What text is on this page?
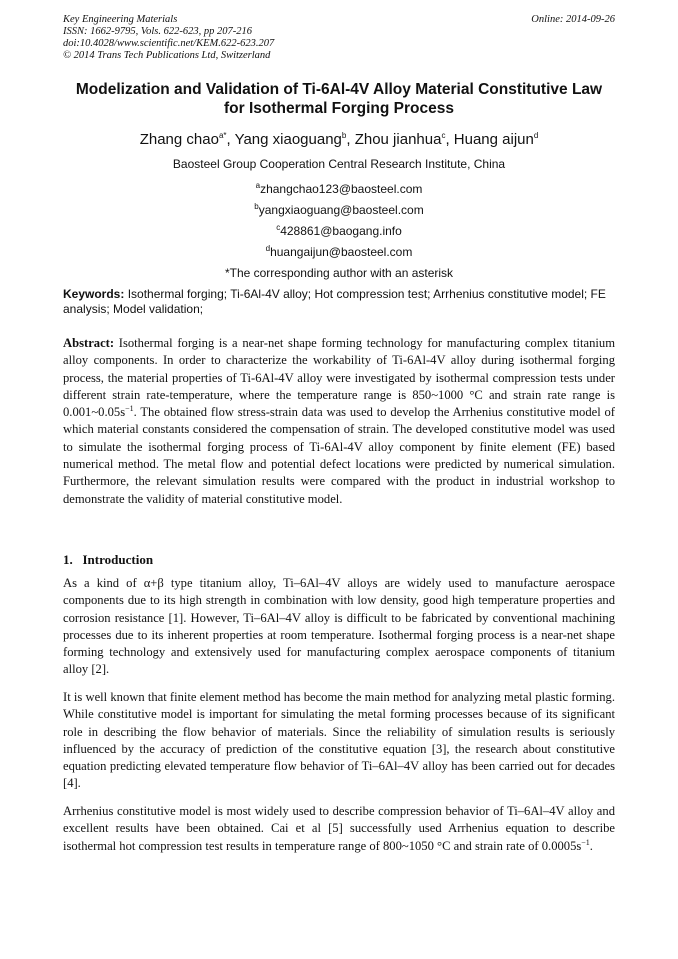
Key Engineering Materials
ISSN: 1662-9795, Vols. 622-623, pp 207-216
doi:10.4028/www.scientific.net/KEM.622-623.207
© 2014 Trans Tech Publications Ltd, Switzerland
Online: 2014-09-26
Modelization and Validation of Ti-6Al-4V Alloy Material Constitutive Law
for Isothermal Forging Process
Zhang chao$^{a*}$, Yang xiaoguang$^b$, Zhou jianhua$^c$, Huang aijun$^d$
Baosteel Group Cooperation Central Research Institute, China
$^a$zhangchao123@baosteel.com
$^b$yangxiaoguang@baosteel.com
$^c$428861@baogang.info
$^d$huangaijun@baosteel.com
*The corresponding author with an asterisk
Keywords: Isothermal forging; Ti-6Al-4V alloy; Hot compression test; Arrhenius constitutive model; FE analysis; Model validation;
Abstract: Isothermal forging is a near-net shape forming technology for manufacturing complex titanium alloy components. In order to characterize the workability of Ti-6Al-4V alloy during isothermal forging process, the material properties of Ti-6Al-4V alloy were investigated by isothermal compression tests under different strain rate-temperature, where the temperature range is 850~1000 °C and strain rate range is $0.001\sim 0.05s^{-1}$. The obtained flow stress-strain data was used to develop the Arrhenius constitutive model of which material constants considered the compensation of strain. The developed constitutive model was used to simulate the isothermal forging process of Ti-6Al-4V alloy component by finite element (FE) based numerical method. The metal flow and potential defect locations were predicted by numerical simulation. Furthermore, the relevant simulation results were compared with the product in industrial workshop to demonstrate the validity of material constitutive model.
1.   Introduction

As a kind of α+β type titanium alloy, Ti–6Al–4V alloys are widely used to manufacture aerospace components due to its high strength in combination with low density, good high temperature properties and corrosion resistance [1]. However, Ti–6Al–4V alloy is difficult to be fabricated by conventional machining processes due to its inherent properties at room temperature. Isothermal forging process is a near-net shape forming technology and extensively used for manufacturing complex aerospace components of titanium alloy [2].

It is well known that finite element method has become the main method for analyzing metal plastic forming. While constitutive model is important for simulating the metal forming processes because of its significant role in describing the flow behavior of materials. Since the reliability of simulation results is seriously influenced by the accuracy of prediction of the constitutive equation [3], the research about constitutive equation predicting elevated temperature flow behavior of Ti–6Al–4V alloy has been carried out for decades [4].

Arrhenius constitutive model is most widely used to describe compression behavior of Ti–6Al–4V alloy and excellent results have been obtained. Cai et al [5] successfully used Arrhenius equation to describe isothermal hot compression test results in temperature range of 800~1050 °C and strain rate of $0.0005s^{-1}$.
